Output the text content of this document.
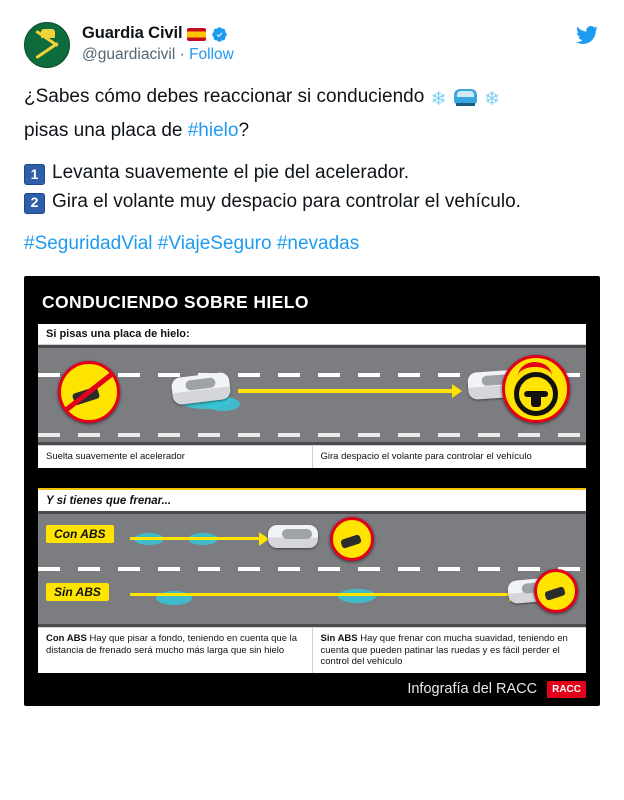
Guardia Civil
@guardiacivil · Follow

¿Sabes cómo debes reaccionar si conduciendo ❄ ❄

pisas una placa de #hielo?

1 Levanta suavemente el pie del acelerador.
2 Gira el volante muy despacio para controlar el vehículo.
#SeguridadVial #ViajeSeguro #nevadas
CONDUCIENDO SOBRE HIELO
Si pisas una placa de hielo:
Suelta suavemente el acelerador	Gira despacio el volante para controlar el vehículo
Y si tienes que frenar...
Con ABS
Sin ABS
Con ABS Hay que pisar a fondo, teniendo en cuenta que la distancia de frenado será mucho más larga que sin hielo
Sin ABS Hay que frenar con mucha suavidad, teniendo en cuenta que pueden patinar las ruedas y es fácil perder el control del vehículo
Infografía del RACC	RACC
